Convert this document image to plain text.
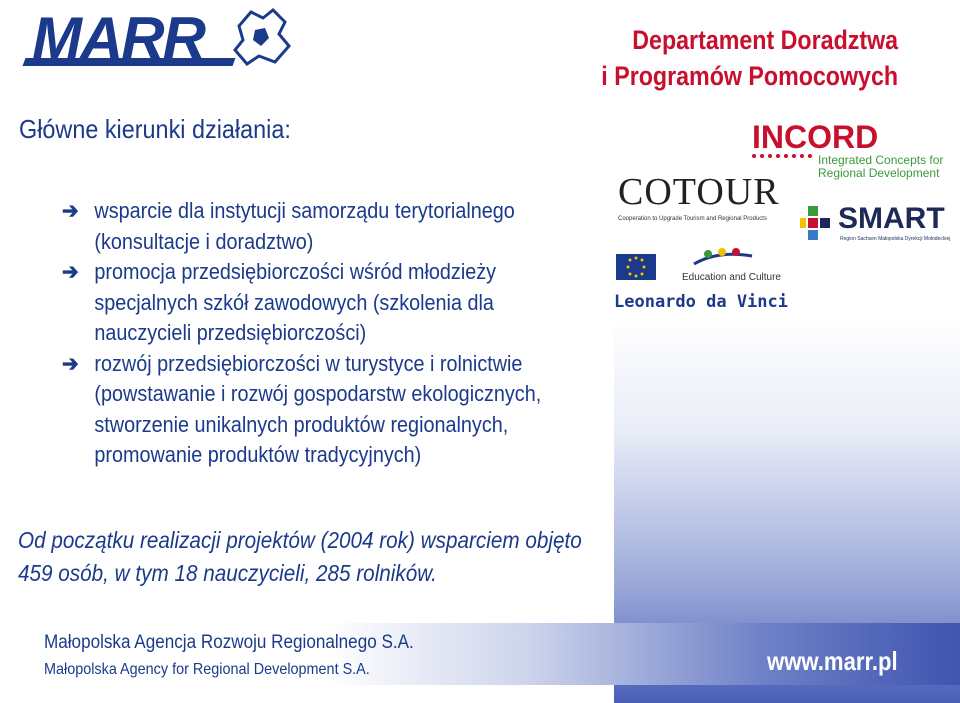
MARR	Departament Doradztwa
i Programów Pomocowych
Główne kierunki działania:
➔ wsparcie dla instytucji samorządu terytorialnego (konsultacje i doradztwo)
➔ promocja przedsiębiorczości wśród młodzieży specjalnych szkół zawodowych (szkolenia dla nauczycieli przedsiębiorczości)
➔ rozwój przedsiębiorczości w turystyce i rolnictwie (powstawanie i rozwój gospodarstw ekologicznych, stworzenie unikalnych produktów regionalnych, promowanie produktów tradycyjnych)
Od początku realizacji projektów (2004 rok) wsparciem objęto 459 osób, w tym 18 nauczycieli, 285 rolników.
INCORD
Integrated Concepts for
Regional Development
SMART
Region Sachsen Małopolska Dyrekcji Mołodeckiej
COTOUR
Cooperation to Upgrade Tourism and Regional Products
Education and Culture
Leonardo da Vinci
Małopolska Agencja Rozwoju Regionalnego S.A.
Małopolska Agency for Regional Development S.A.	www.marr.pl
